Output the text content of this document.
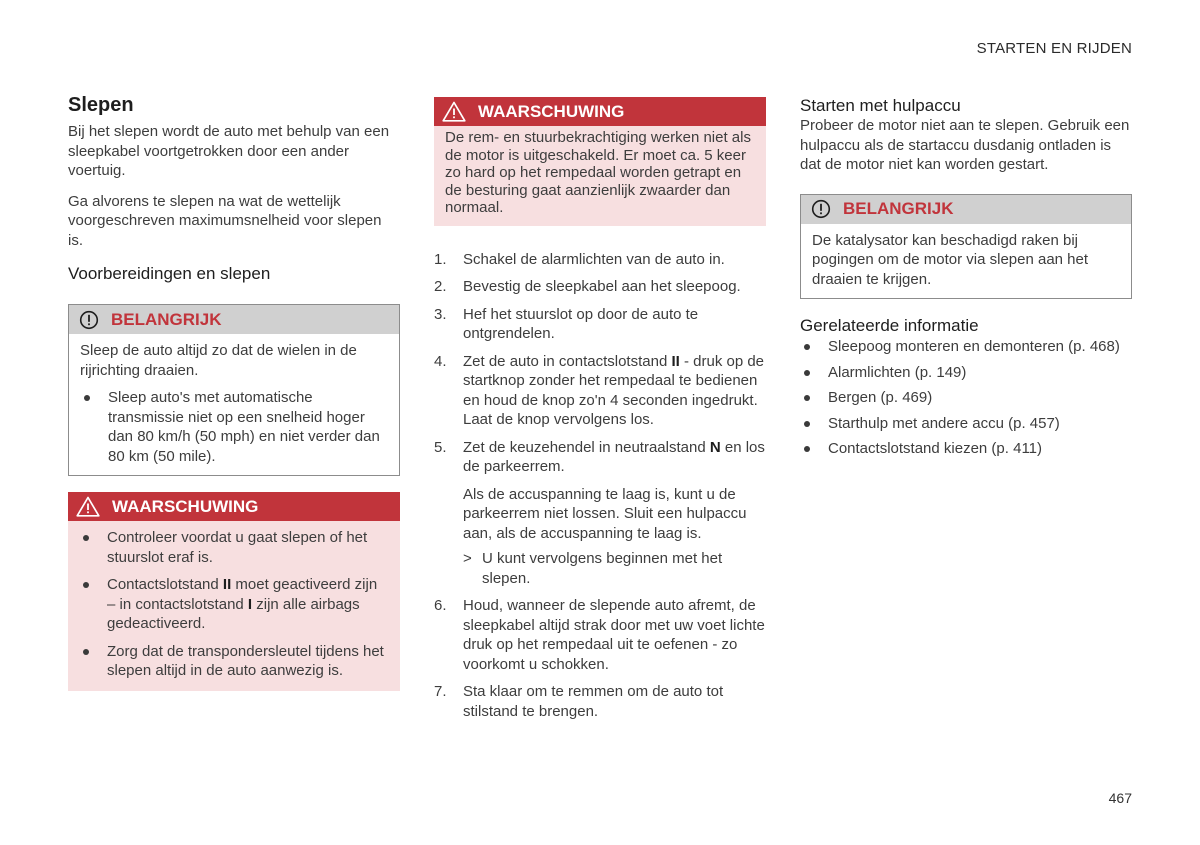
STARTEN EN RIJDEN
Slepen

Bij het slepen wordt de auto met behulp van een sleepkabel voortgetrokken door een ander voertuig.

Ga alvorens te slepen na wat de wettelijk voorgeschreven maximumsnelheid voor slepen is.

Voorbereidingen en slepen
BELANGRIJK

Sleep de auto altijd zo dat de wielen in de rijrichting draaien.

Sleep auto's met automatische transmissie niet op een snelheid hoger dan 80 km/h (50 mph) en niet verder dan 80 km (50 mile).
WAARSCHUWING
Controleer voordat u gaat slepen of het stuurslot eraf is.
Contactslotstand II moet geactiveerd zijn – in contactslotstand I zijn alle airbags gedeactiveerd.
Zorg dat de transpondersleutel tijdens het slepen altijd in de auto aanwezig is.
WAARSCHUWING

De rem- en stuurbekrachtiging werken niet als de motor is uitgeschakeld. Er moet ca. 5 keer zo hard op het rempedaal worden getrapt en de besturing gaat aanzienlijk zwaarder dan normaal.

1. Schakel de alarmlichten van de auto in.
2. Bevestig de sleepkabel aan het sleepoog.
3. Hef het stuurslot op door de auto te ontgrendelen.
4. Zet de auto in contactslotstand II - druk op de startknop zonder het rempedaal te bedienen en houd de knop zo'n 4 seconden ingedrukt. Laat de knop vervolgens los.
5. Zet de keuzehendel in neutraalstand N en los de parkeerrem.

Als de accuspanning te laag is, kunt u de parkeerrem niet lossen. Sluit een hulpaccu aan, als de accuspanning te laag is.

> U kunt vervolgens beginnen met het slepen.
6. Houd, wanneer de slepende auto afremt, de sleepkabel altijd strak door met uw voet lichte druk op het rempedaal uit te oefenen - zo voorkomt u schokken.
7. Sta klaar om te remmen om de auto tot stilstand te brengen.
Starten met hulpaccu

Probeer de motor niet aan te slepen. Gebruik een hulpaccu als de startaccu dusdanig ontladen is dat de motor niet kan worden gestart.

BELANGRIJK

De katalysator kan beschadigd raken bij pogingen om de motor via slepen aan het draaien te krijgen.

Gerelateerde informatie
Sleepoog monteren en demonteren (p. 468)
Alarmlichten (p. 149)
Bergen (p. 469)
Starthulp met andere accu (p. 457)
Contactslotstand kiezen (p. 411)
467
